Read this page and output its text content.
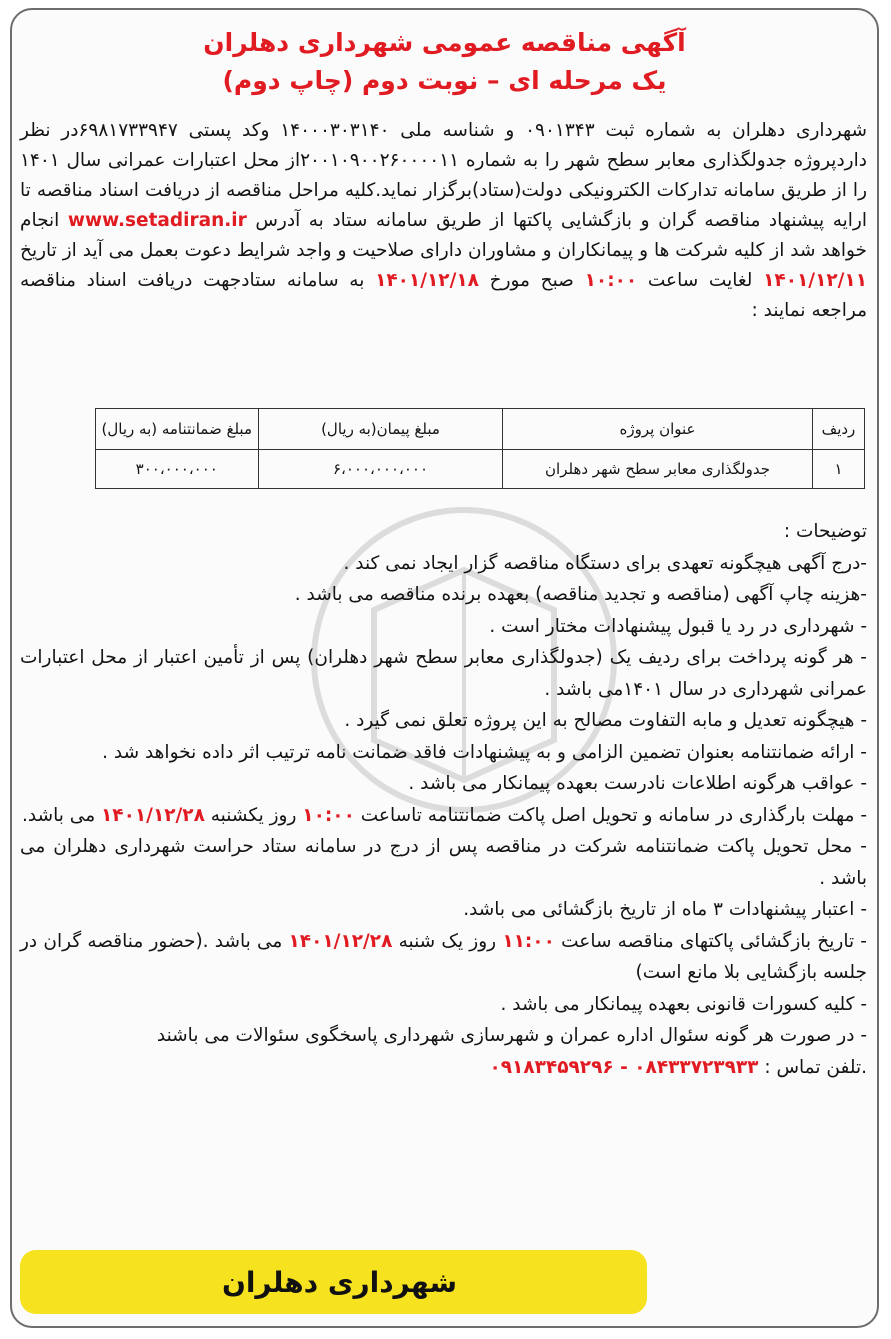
آگهی مناقصه عمومی شهرداری دهلران

یک مرحله ای – نوبت دوم (چاپ دوم)

شهرداری دهلران به شماره ثبت ۰۹۰۱۳۴۳ و شناسه ملی ۱۴۰۰۰۳۰۳۱۴۰ وکد پستی ۶۹۸۱۷۳۳۹۴۷در نظر داردپروژه جدولگذاری معابر سطح شهر را به شماره ۲۰۰۱۰۹۰۰۲۶۰۰۰۰۱۱از محل اعتبارات عمرانی سال ۱۴۰۱ را از طریق سامانه تدارکات الکترونیکی دولت(ستاد)برگزار نماید.کلیه مراحل مناقصه از دریافت اسناد مناقصه تا ارایه پیشنهاد مناقصه گران و بازگشایی پاکتها از طریق سامانه ستاد به آدرس www.setadiran.ir انجام خواهد شد از کلیه شرکت ها و پیمانکاران و مشاوران دارای صلاحیت و واجد شرایط دعوت بعمل می آید از تاریخ ۱۴۰۱/۱۲/۱۱ لغایت ساعت ۱۰:۰۰ صبح مورخ ۱۴۰۱/۱۲/۱۸ به سامانه ستادجهت دریافت اسناد مناقصه مراجعه نمایند :

ردیف	عنوان پروژه	مبلغ پیمان(به ریال)	مبلغ ضمانتنامه (به ریال)
۱	جدولگذاری معابر سطح شهر دهلران	۶،۰۰۰،۰۰۰،۰۰۰	۳۰۰،۰۰۰،۰۰۰

توضیحات :

-درج آگهی هیچگونه تعهدی برای دستگاه مناقصه گزار ایجاد نمی کند .

-هزینه چاپ آگهی (مناقصه و تجدید مناقصه) بعهده برنده مناقصه می باشد .

- شهرداری در رد یا قبول پیشنهادات مختار است .

- هر گونه پرداخت برای ردیف یک (جدولگذاری معابر سطح شهر دهلران) پس از تأمین اعتبار از محل اعتبارات عمرانی شهرداری در سال ۱۴۰۱می باشد .

- هیچگونه تعدیل و مابه التفاوت مصالح به این پروژه تعلق نمی گیرد .

- ارائه ضمانتنامه بعنوان تضمین الزامی و به پیشنهادات فاقد ضمانت نامه ترتیب اثر داده نخواهد شد .

- عواقب هرگونه اطلاعات نادرست بعهده پیمانکار می باشد .

- مهلت بارگذاری در سامانه و تحویل اصل پاکت ضمانتنامه تاساعت ۱۰:۰۰ روز یکشنبه ۱۴۰۱/۱۲/۲۸ می باشد.

- محل تحویل پاکت ضمانتنامه شرکت در مناقصه پس از درج در سامانه ستاد حراست شهرداری دهلران می باشد .

- اعتبار پیشنهادات ۳ ماه از تاریخ بازگشائی می باشد.

- تاریخ بازگشائی پاکتهای مناقصه ساعت ۱۱:۰۰ روز یک شنبه ۱۴۰۱/۱۲/۲۸ می باشد .(حضور مناقصه گران در جلسه بازگشایی بلا مانع است)

- کلیه کسورات قانونی بعهده پیمانکار می باشد .

- در صورت هر گونه سئوال اداره عمران و شهرسازی شهرداری پاسخگوی سئوالات می باشند

.تلفن تماس : ۰۸۴۳۳۷۲۳۹۳۳ - ۰۹۱۸۳۴۵۹۲۹۶

شهرداری دهلران
